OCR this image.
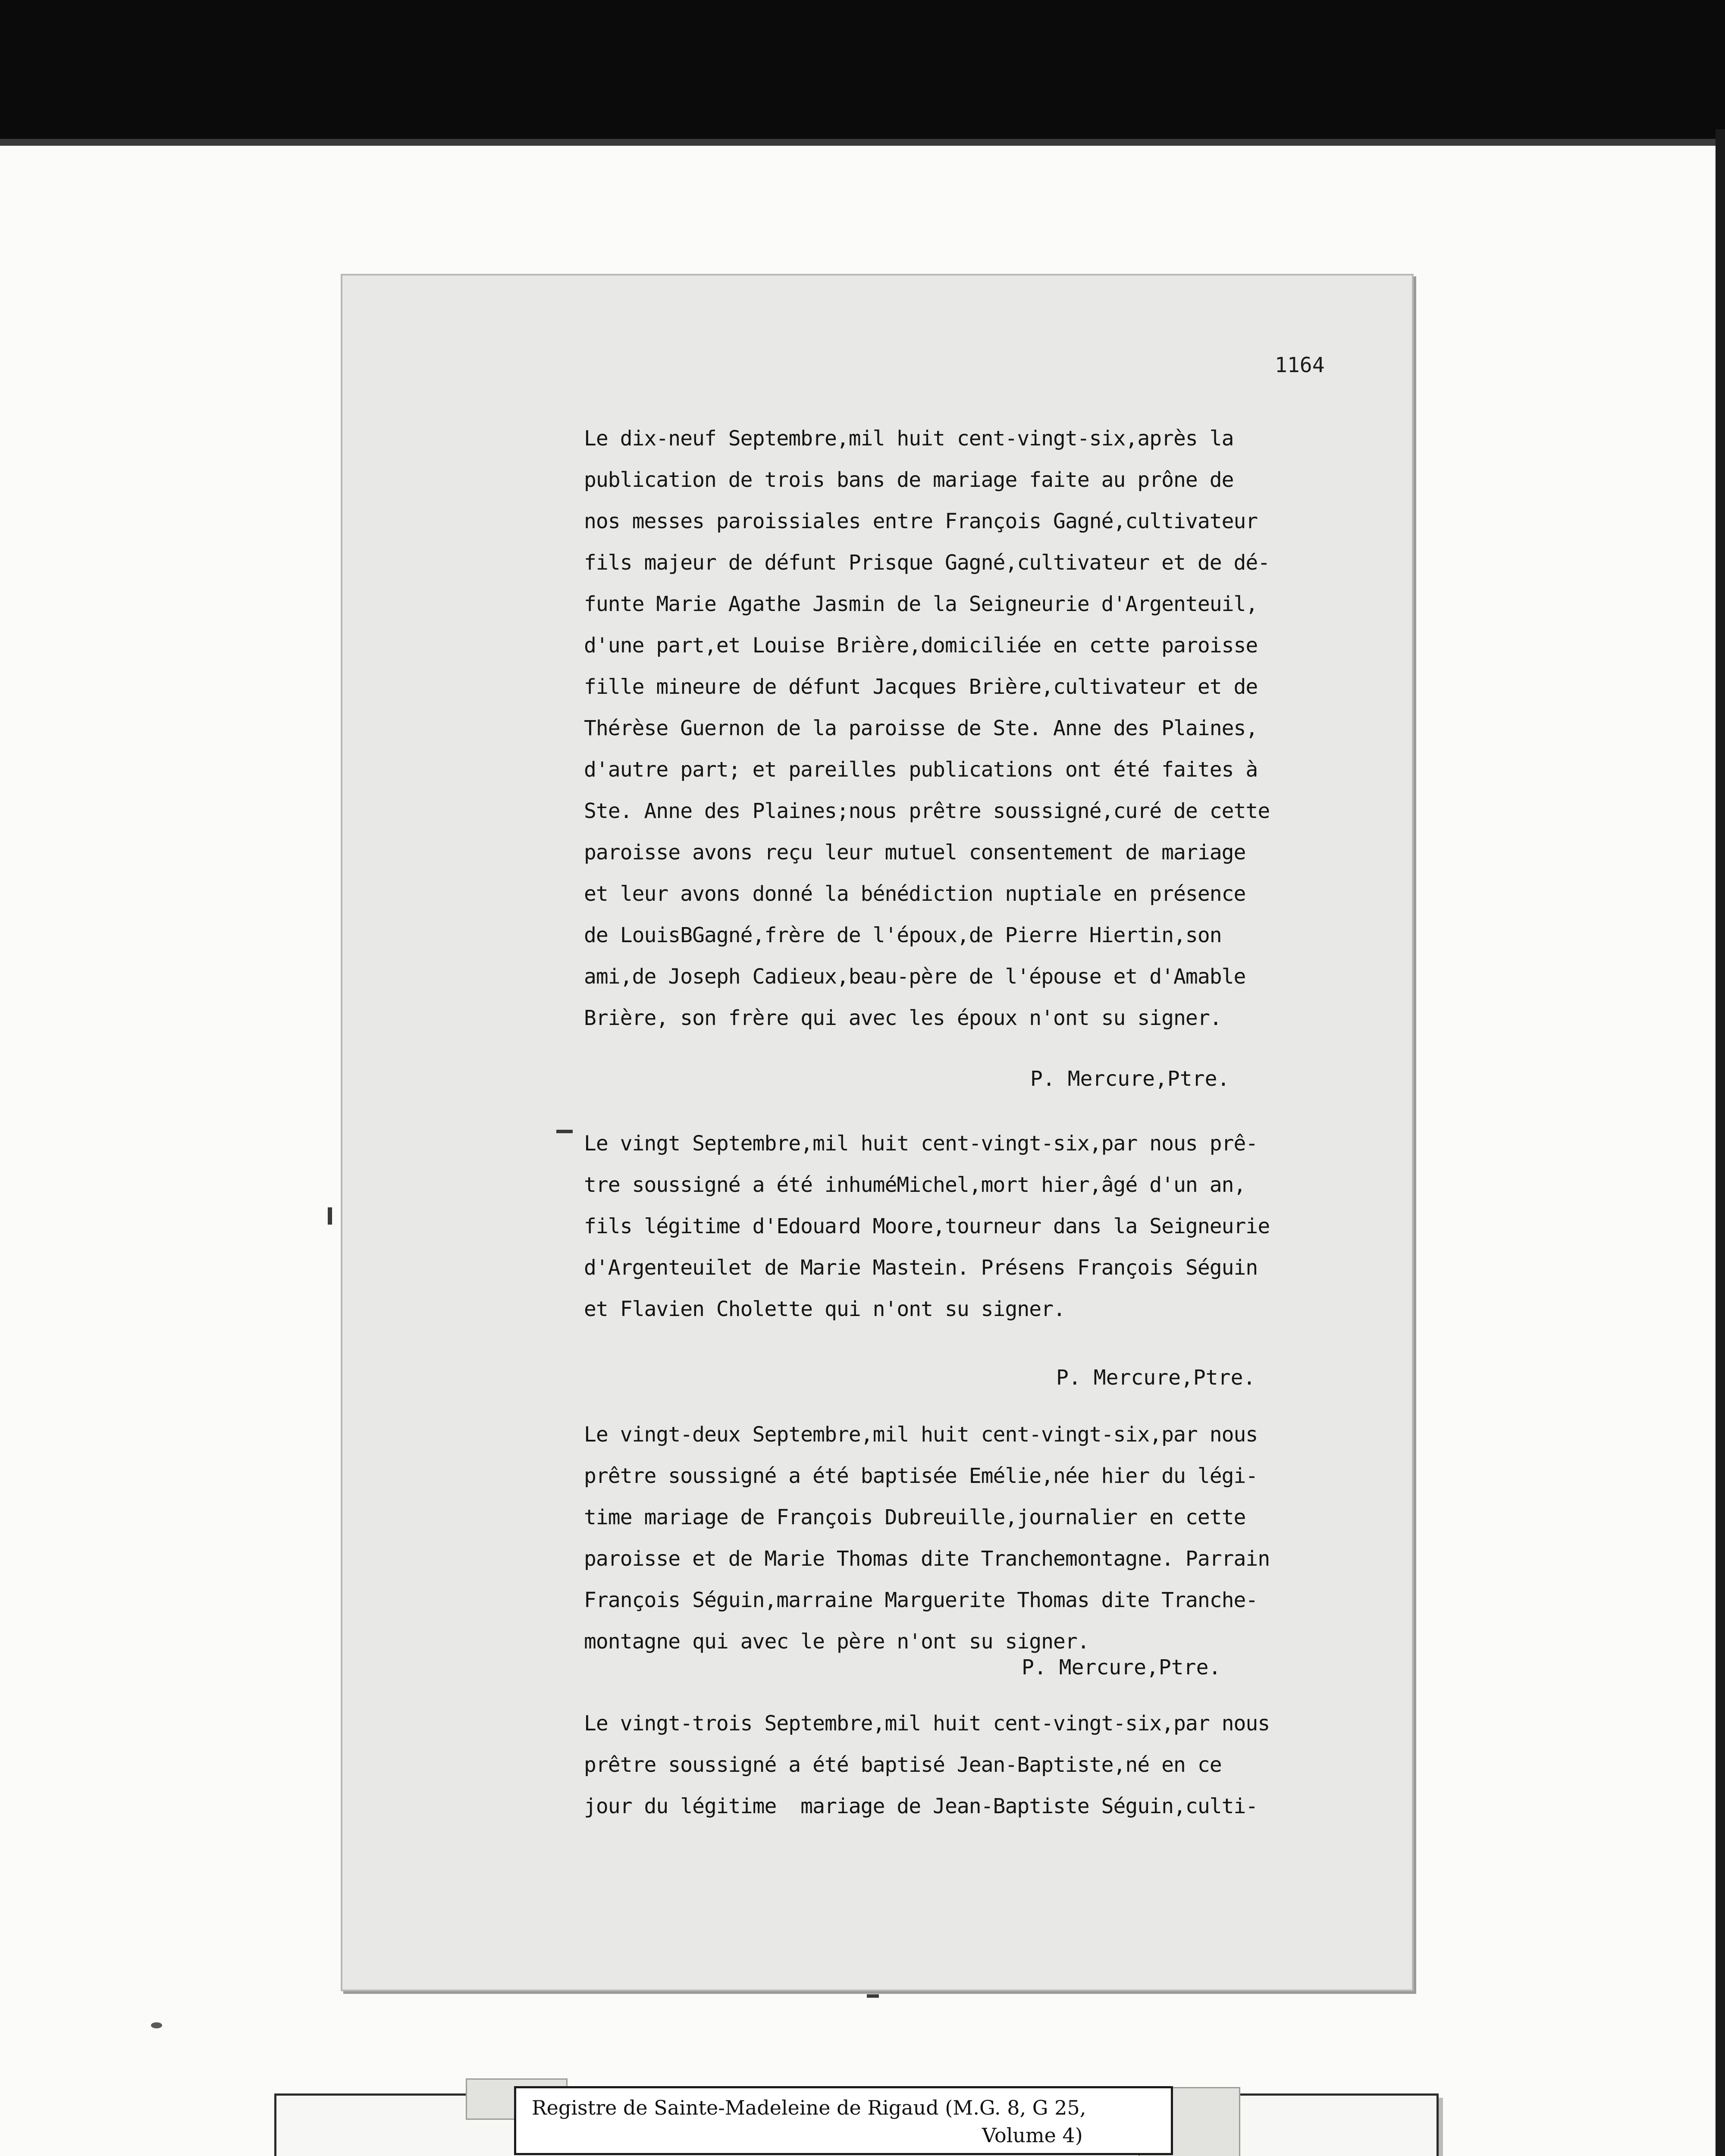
1164
Le dix-neuf Septembre,mil huit cent-vingt-six,après la
publication de trois bans de mariage faite au prône de
nos messes paroissiales entre François Gagné,cultivateur
fils majeur de défunt Prisque Gagné,cultivateur et de dé-
funte Marie Agathe Jasmin de la Seigneurie d'Argenteuil,
d'une part,et Louise Brière,domiciliée en cette paroisse
fille mineure de défunt Jacques Brière,cultivateur et de
Thérèse Guernon de la paroisse de Ste. Anne des Plaines,
d'autre part; et pareilles publications ont été faites à
Ste. Anne des Plaines;nous prêtre soussigné,curé de cette
paroisse avons reçu leur mutuel consentement de mariage
et leur avons donné la bénédiction nuptiale en présence
de LouisBGagné,frère de l'époux,de Pierre Hiertin,son
ami,de Joseph Cadieux,beau-père de l'épouse et d'Amable
Brière, son frère qui avec les époux n'ont su signer.
P. Mercure,Ptre.
Le vingt Septembre,mil huit cent-vingt-six,par nous prê-
tre soussigné a été inhuméMichel,mort hier,âgé d'un an,
fils légitime d'Edouard Moore,tourneur dans la Seigneurie
d'Argenteuilet de Marie Mastein. Présens François Séguin
et Flavien Cholette qui n'ont su signer.
P. Mercure,Ptre.
Le vingt-deux Septembre,mil huit cent-vingt-six,par nous
prêtre soussigné a été baptisée Emélie,née hier du légi-
time mariage de François Dubreuille,journalier en cette
paroisse et de Marie Thomas dite Tranchemontagne. Parrain
François Séguin,marraine Marguerite Thomas dite Tranche-
montagne qui avec le père n'ont su signer.
P. Mercure,Ptre.
Le vingt-trois Septembre,mil huit cent-vingt-six,par nous
prêtre soussigné a été baptisé Jean-Baptiste,né en ce
jour du légitime  mariage de Jean-Baptiste Séguin,culti-
Registre de Sainte-Madeleine de Rigaud (M.G. 8, G 25,
Volume 4)
